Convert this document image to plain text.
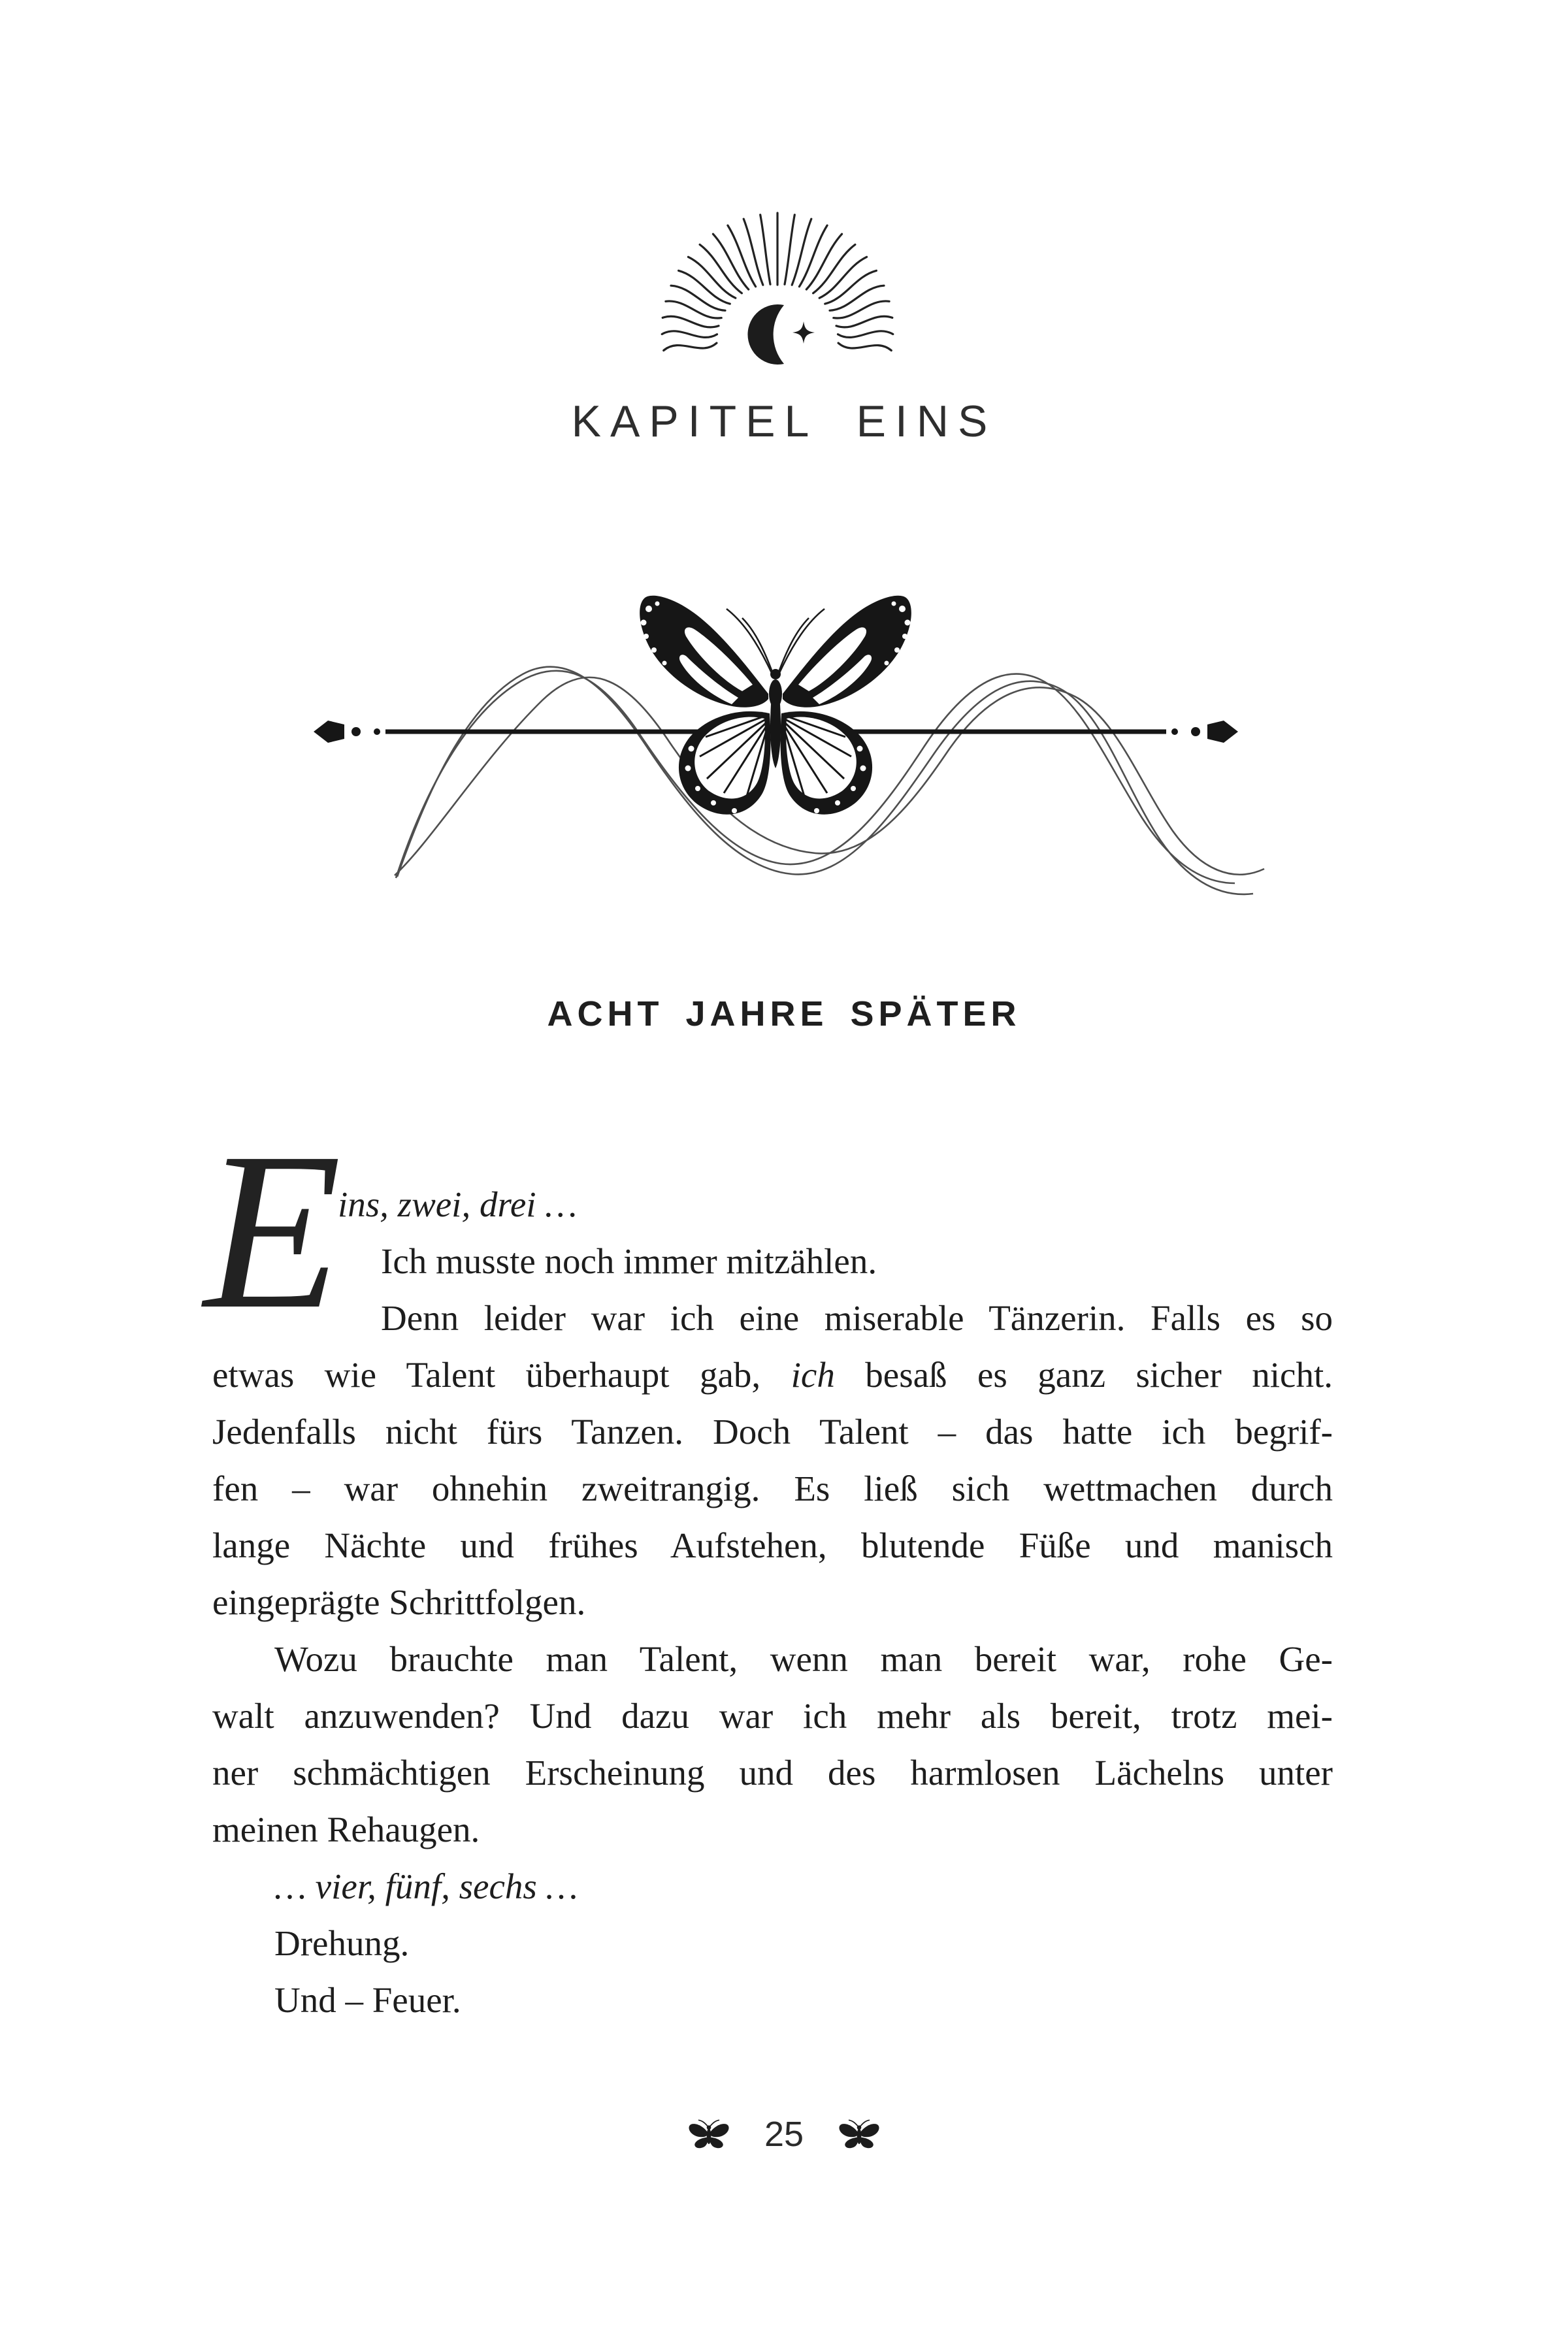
KAPITEL EINS
ACHT JAHRE SPÄTER
E
ins, zwei, drei …
Ich musste noch immer mitzählen.
Denn leider war ich eine miserable Tänzerin. Falls es so
etwas wie Talent überhaupt gab, ich besaß es ganz sicher nicht.
Jedenfalls nicht fürs Tanzen. Doch Talent – das hatte ich begrif-
fen – war ohnehin zweitrangig. Es ließ sich wettmachen durch
lange Nächte und frühes Aufstehen, blutende Füße und manisch
eingeprägte Schrittfolgen.
Wozu brauchte man Talent, wenn man bereit war, rohe Ge-
walt anzuwenden? Und dazu war ich mehr als bereit, trotz mei-
ner schmächtigen Erscheinung und des harmlosen Lächelns unter
meinen Rehaugen.
… vier, fünf, sechs …
Drehung.
Und – Feuer.
25
